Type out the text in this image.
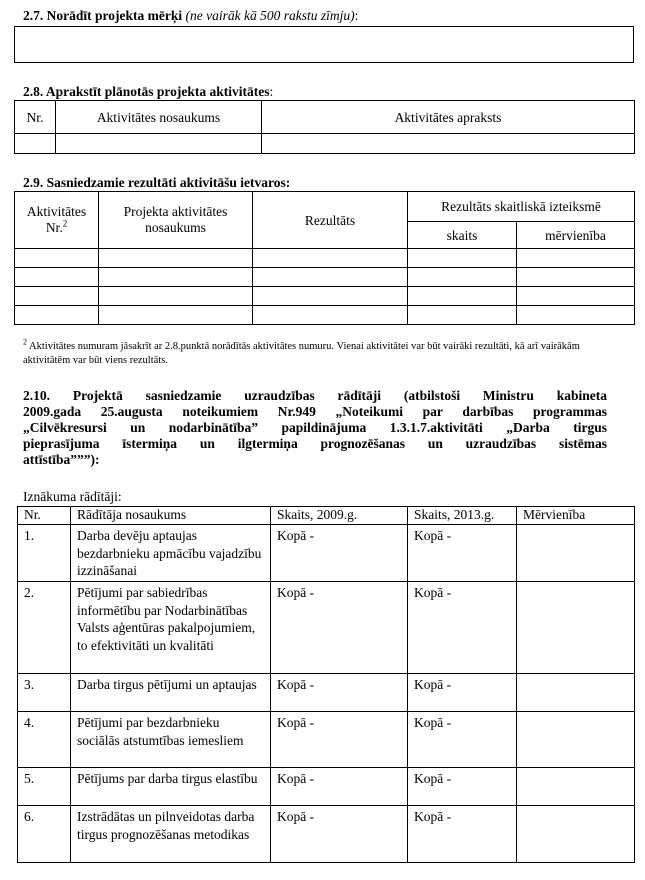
2.7. Norādīt projekta mērķi (ne vairāk kā 500 rakstu zīmju):
2.8. Aprakstīt plānotās projekta aktivitātes:
Nr.	Aktivitātes nosaukums	Aktivitātes apraksts

2.9. Sasniedzamie rezultāti aktivitāšu ietvaros:
Aktivitātes
Nr.$^2$	Projekta aktivitātes nosaukums	Rezultāts	Rezultāts skaitliskā izteiksmē	
			skaits	mērvienība

$^2$ Aktivitātes numuram jāsakrīt ar 2.8.punktā norādītās aktivitātes numuru. Vienai aktivitātei var būt vairāki rezultāti, kā arī vairākām aktivitātēm var būt viens rezultāts.
2.10. Projektā sasniedzamie uzraudzības rādītāji (atbilstoši Ministru kabineta
2009.gada 25.augusta noteikumiem Nr.949 „Noteikumi par darbības programmas
„Cilvēkresursi un nodarbinātība” papildinājuma 1.3.1.7.aktivitāti „Darba tirgus
pieprasījuma īstermiņa un ilgtermiņa prognozēšanas un uzraudzības sistēmas
attīstība”””):
Iznākuma rādītāji:
Nr.	Rādītāja nosaukums	Skaits, 2009.g.	Skaits, 2013.g.	Mērvienība
1.	Darba devēju aptaujas bezdarbnieku apmācību vajadzību izzināšanai	Kopā -	Kopā -	
2.	Pētījumi par sabiedrības informētību par Nodarbinātības Valsts aģentūras pakalpojumiem, to efektivitāti un kvalitāti	Kopā -	Kopā -	
3.	Darba tirgus pētījumi un aptaujas	Kopā -	Kopā -	
4.	Pētījumi par bezdarbnieku sociālās atstumtības iemesliem	Kopā -	Kopā -	
5.	Pētījums par darba tirgus elastību	Kopā -	Kopā -	
6.	Izstrādātas un pilnveidotas darba tirgus prognozēšanas metodikas	Kopā -	Kopā -	
